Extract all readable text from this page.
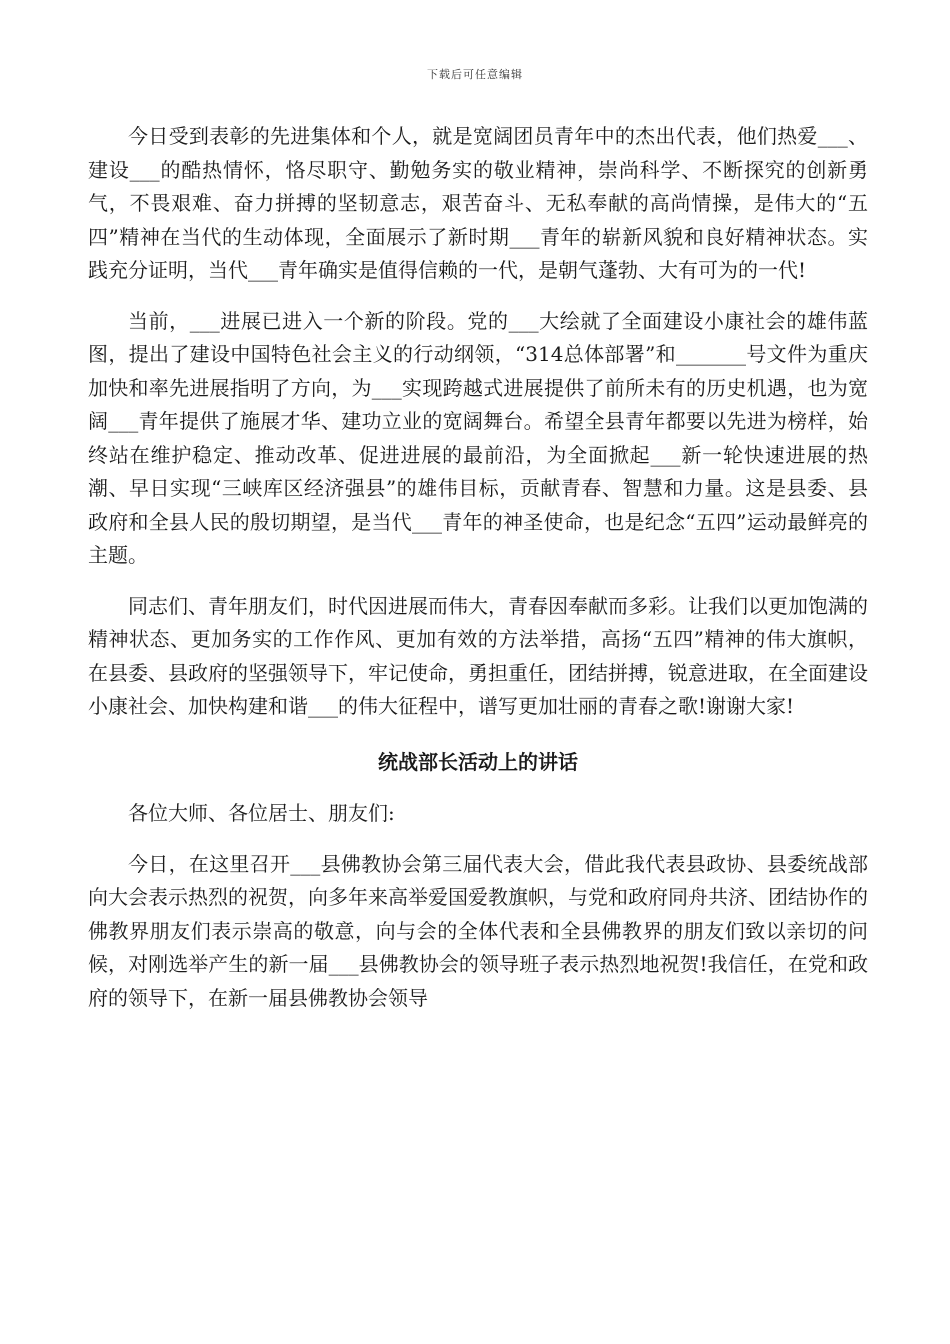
下载后可任意编辑

今日受到表彰的先进集体和个人，就是宽阔团员青年中的杰出代表，他们热爱___、建设___的酷热情怀，恪尽职守、勤勉务实的敬业精神，崇尚科学、不断探究的创新勇气，不畏艰难、奋力拼搏的坚韧意志，艰苦奋斗、无私奉献的高尚情操，是伟大的“五四”精神在当代的生动体现，全面展示了新时期___青年的崭新风貌和良好精神状态。实践充分证明，当代___青年确实是值得信赖的一代，是朝气蓬勃、大有可为的一代!

当前，___进展已进入一个新的阶段。党的___大绘就了全面建设小康社会的雄伟蓝图，提出了建设中国特色社会主义的行动纲领，“314总体部署”和_______号文件为重庆加快和率先进展指明了方向，为___实现跨越式进展提供了前所未有的历史机遇，也为宽阔___青年提供了施展才华、建功立业的宽阔舞台。希望全县青年都要以先进为榜样，始终站在维护稳定、推动改革、促进进展的最前沿，为全面掀起___新一轮快速进展的热潮、早日实现“三峡库区经济强县”的雄伟目标，贡献青春、智慧和力量。这是县委、县政府和全县人民的殷切期望，是当代___青年的神圣使命，也是纪念“五四”运动最鲜亮的主题。

同志们、青年朋友们，时代因进展而伟大，青春因奉献而多彩。让我们以更加饱满的精神状态、更加务实的工作作风、更加有效的方法举措，高扬“五四”精神的伟大旗帜，在县委、县政府的坚强领导下，牢记使命，勇担重任，团结拼搏，锐意进取，在全面建设小康社会、加快构建和谐___的伟大征程中，谱写更加壮丽的青春之歌!谢谢大家!

统战部长活动上的讲话

各位大师、各位居士、朋友们:

今日，在这里召开___县佛教协会第三届代表大会，借此我代表县政协、县委统战部向大会表示热烈的祝贺，向多年来高举爱国爱教旗帜，与党和政府同舟共济、团结协作的佛教界朋友们表示崇高的敬意，向与会的全体代表和全县佛教界的朋友们致以亲切的问候，对刚选举产生的新一届___县佛教协会的领导班子表示热烈地祝贺!我信任，在党和政府的领导下，在新一届县佛教协会领导
